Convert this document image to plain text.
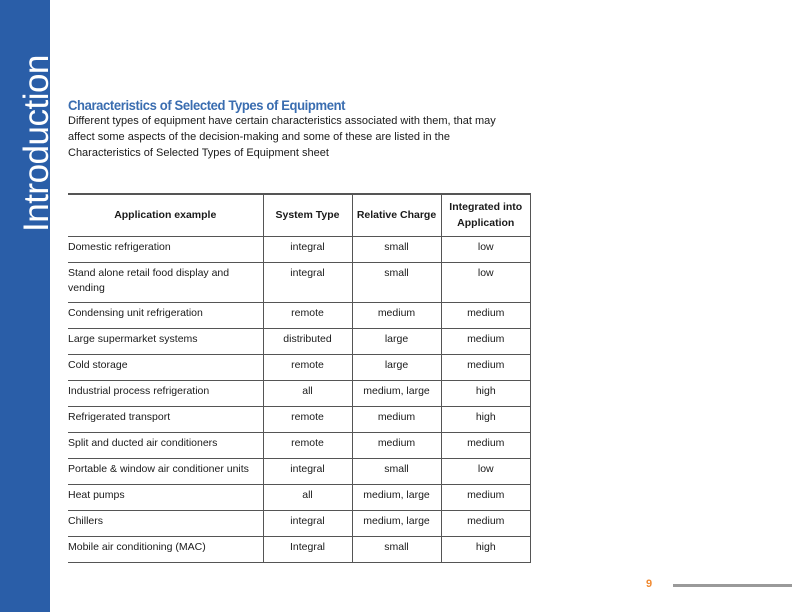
Introduction Characteristics of Selected Types of Equipment
Different types of equipment have certain characteristics associated with them, that may affect some aspects of the decision-making and some of these are listed in the Characteristics of Selected Types of Equipment sheet
Application example	System Type	Relative Charge	Integrated into Application
Domestic refrigeration	integral	small	low
Stand alone retail food display and vending	integral	small	low
Condensing unit refrigeration	remote	medium	medium
Large supermarket systems	distributed	large	medium
Cold storage	remote	large	medium
Industrial process refrigeration	all	medium, large	high
Refrigerated transport	remote	medium	high
Split and ducted air conditioners	remote	medium	medium
Portable & window air conditioner units	integral	small	low
Heat pumps	all	medium, large	medium
Chillers	integral	medium, large	medium
Mobile air conditioning (MAC)	Integral	small	high
9
